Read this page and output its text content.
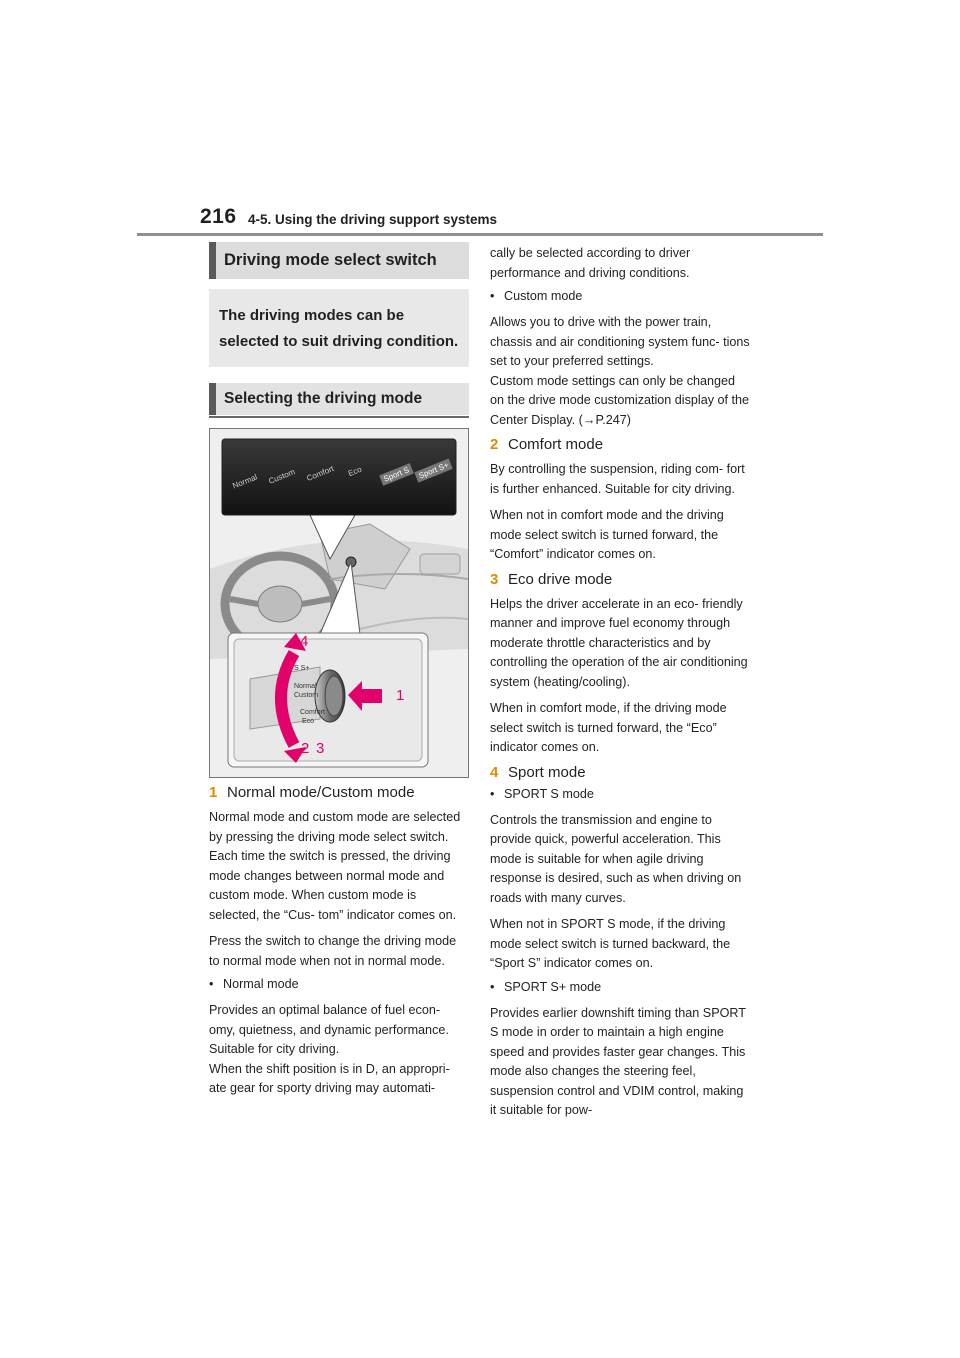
216 4-5. Using the driving support systems
Driving mode select switch
The driving modes can be selected to suit driving condition.
Selecting the driving mode
Normal Custom Comfort Eco	Sport S Sport S+
S S+
Normal
Custom
Comfort
Eco
4
1
2 3
1 Normal mode/Custom mode

Normal mode and custom mode are selected by pressing the driving mode select switch. Each time the switch is pressed, the driving mode changes between normal mode and custom mode. When custom mode is selected, the “Cus- tom” indicator comes on.

Press the switch to change the driving mode to normal mode when not in normal mode.

• Normal mode

Provides an optimal balance of fuel econ- omy, quietness, and dynamic performance. Suitable for city driving.

When the shift position is in D, an appropri- ate gear for sporty driving may automati-

cally be selected according to driver performance and driving conditions.

• Custom mode

Allows you to drive with the power train, chassis and air conditioning system func- tions set to your preferred settings.

Custom mode settings can only be changed on the drive mode customization display of the Center Display. (→P.247)

2 Comfort mode

By controlling the suspension, riding com- fort is further enhanced. Suitable for city driving.

When not in comfort mode and the driving mode select switch is turned forward, the “Comfort” indicator comes on.

3 Eco drive mode

Helps the driver accelerate in an eco- friendly manner and improve fuel economy through moderate throttle characteristics and by controlling the operation of the air conditioning system (heating/cooling).

When in comfort mode, if the driving mode select switch is turned forward, the “Eco” indicator comes on.

4 Sport mode
• SPORT S mode

Controls the transmission and engine to provide quick, powerful acceleration. This mode is suitable for when agile driving response is desired, such as when driving on roads with many curves.

When not in SPORT S mode, if the driving mode select switch is turned backward, the “Sport S” indicator comes on.

• SPORT S+ mode

Provides earlier downshift timing than SPORT S mode in order to maintain a high engine speed and provides faster gear changes. This mode also changes the steering feel, suspension control and VDIM control, making it suitable for pow-
